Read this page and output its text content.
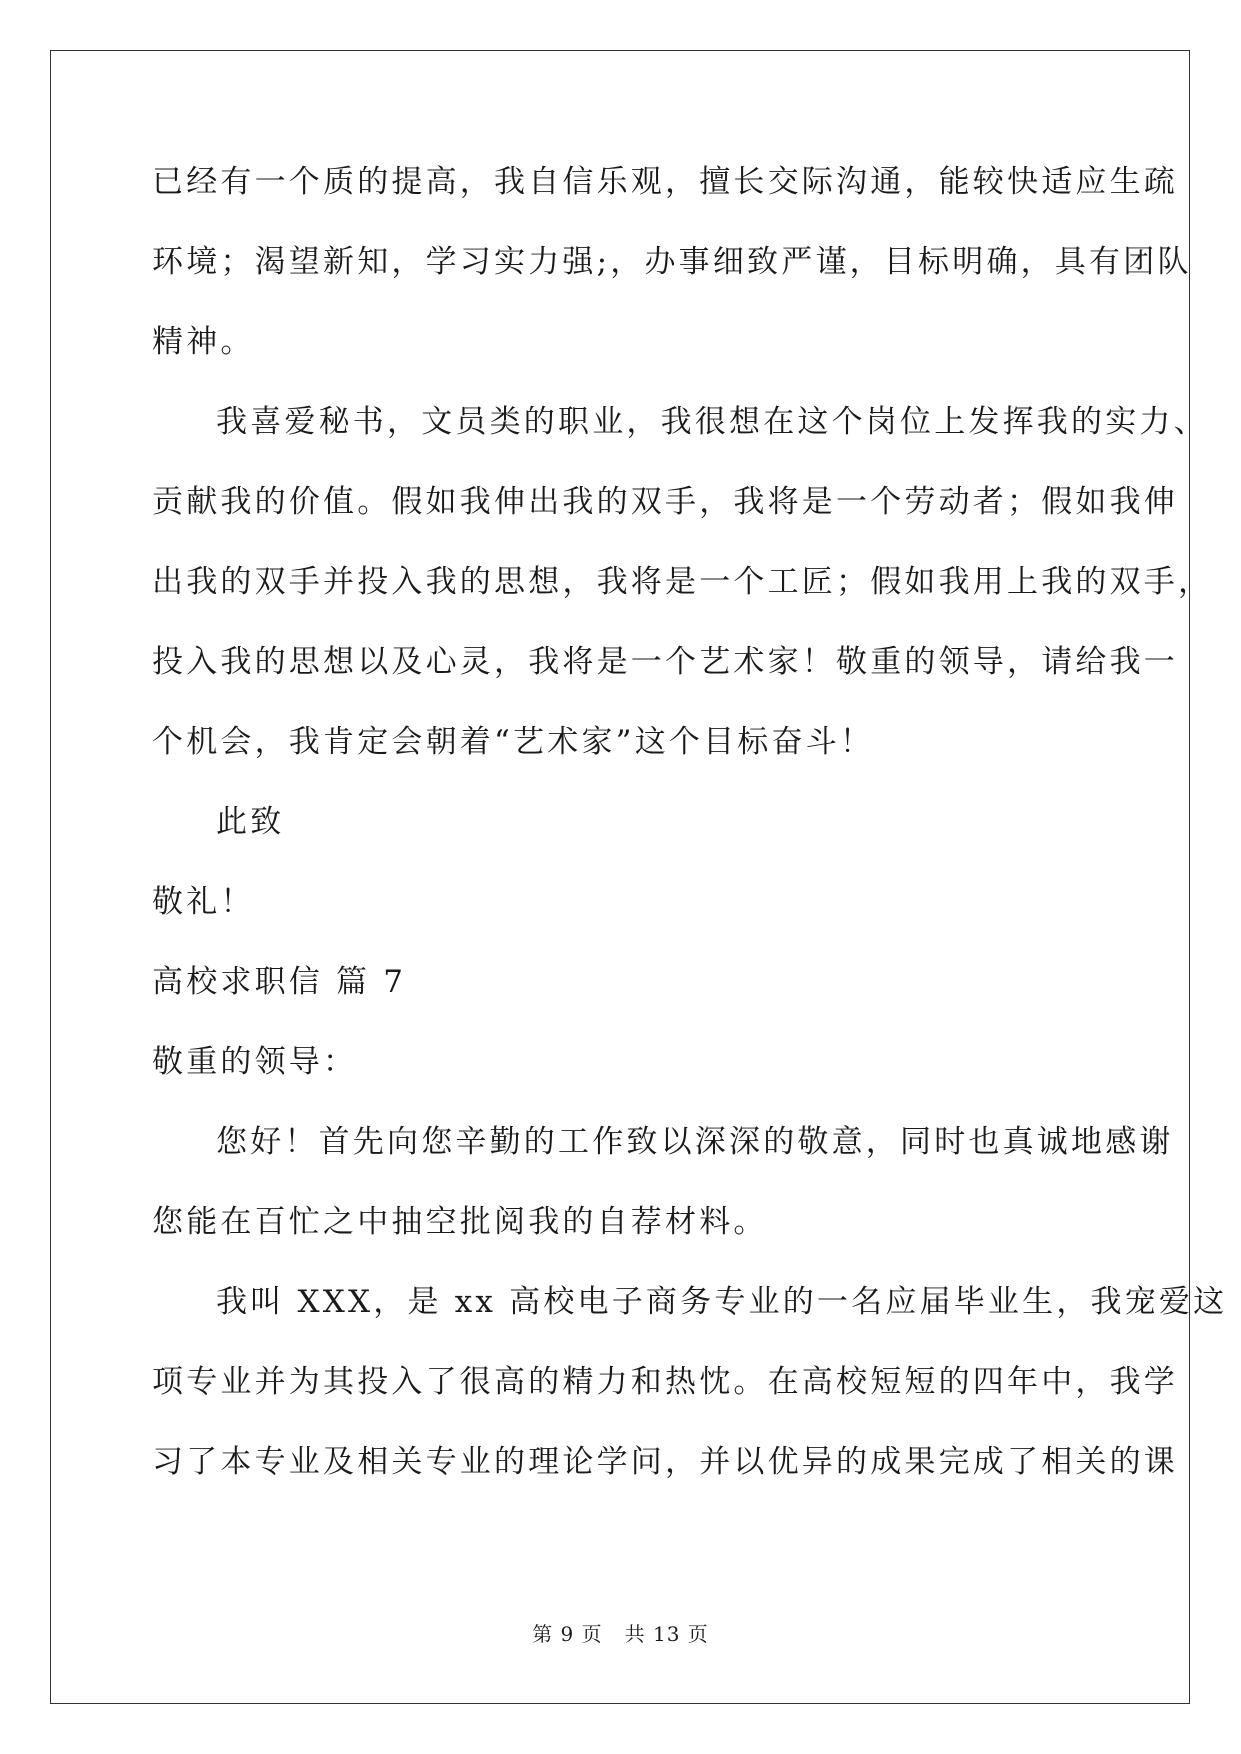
已经有一个质的提高，我自信乐观，擅长交际沟通，能较快适应生疏
环境；渴望新知，学习实力强;，办事细致严谨，目标明确，具有团队
精神。
我喜爱秘书，文员类的职业，我很想在这个岗位上发挥我的实力、
贡献我的价值。假如我伸出我的双手，我将是一个劳动者；假如我伸
出我的双手并投入我的思想，我将是一个工匠；假如我用上我的双手，
投入我的思想以及心灵，我将是一个艺术家！敬重的领导，请给我一
个机会，我肯定会朝着“艺术家”这个目标奋斗！
此致
敬礼！
高校求职信 篇 7
敬重的领导：
您好！首先向您辛勤的工作致以深深的敬意，同时也真诚地感谢
您能在百忙之中抽空批阅我的自荐材料。
我叫 XXX，是 xx 高校电子商务专业的一名应届毕业生，我宠爱这
项专业并为其投入了很高的精力和热忱。在高校短短的四年中，我学
习了本专业及相关专业的理论学问，并以优异的成果完成了相关的课
第 9 页 共 13 页
